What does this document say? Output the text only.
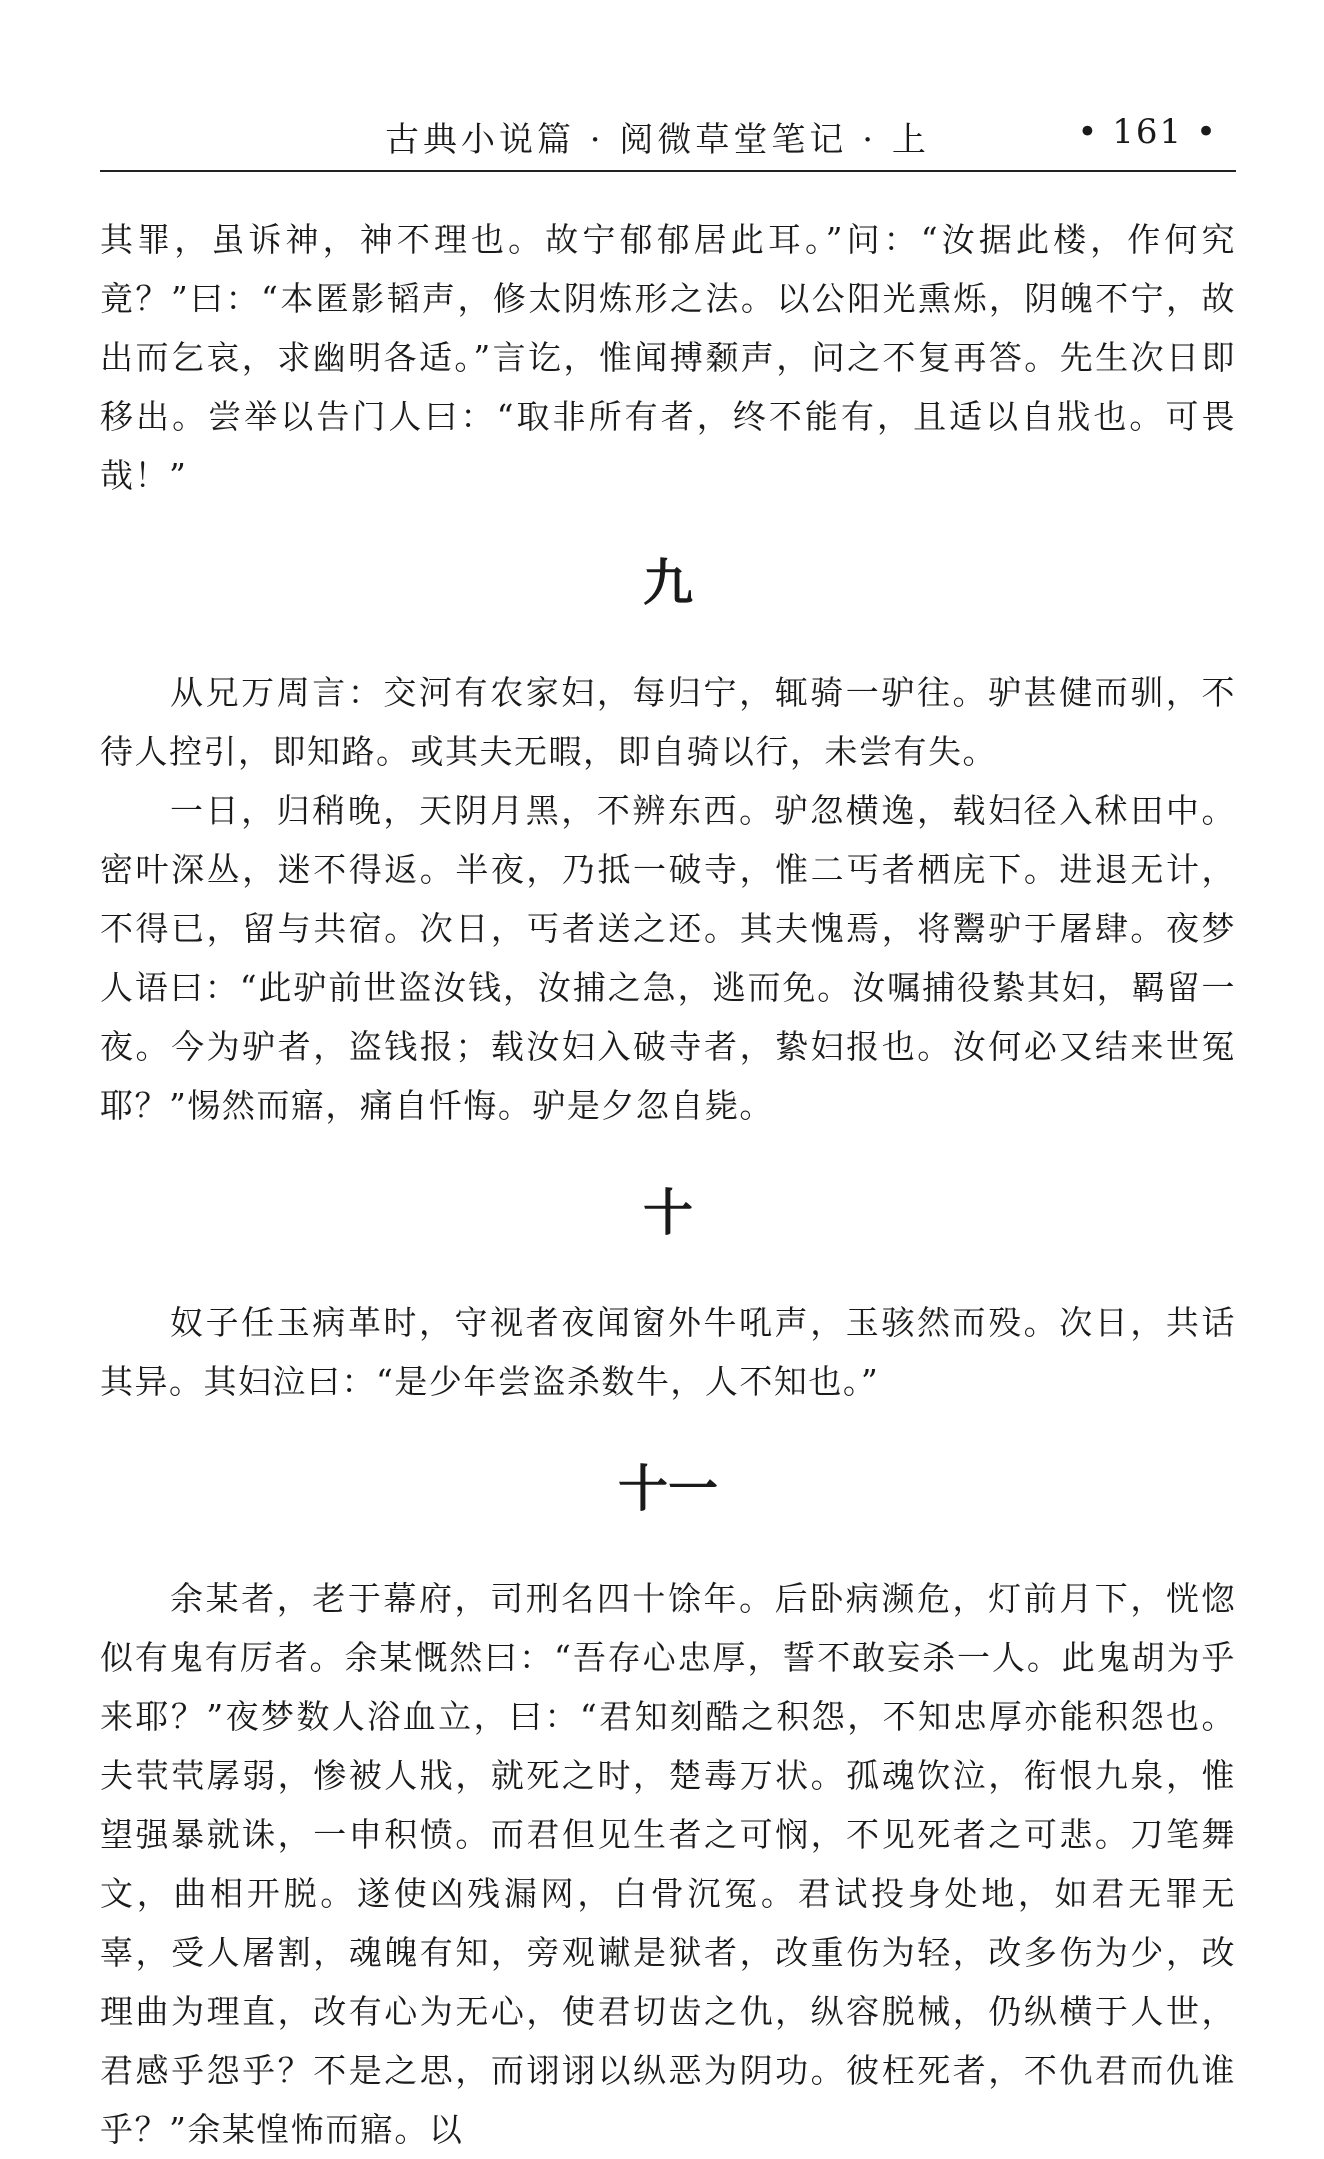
古典小说篇 · 阅微草堂笔记 · 上	• 161 •

其罪，虽诉神，神不理也。故宁郁郁居此耳。”问：“汝据此楼，作何究竟？”曰：“本匿影韬声，修太阴炼形之法。以公阳光熏烁，阴魄不宁，故出而乞哀，求幽明各适。”言讫，惟闻搏颡声，问之不复再答。先生次日即移出。尝举以告门人曰：“取非所有者，终不能有，且适以自戕也。可畏哉！”

九

从兄万周言：交河有农家妇，每归宁，辄骑一驴往。驴甚健而驯，不待人控引，即知路。或其夫无暇，即自骑以行，未尝有失。

一日，归稍晚，天阴月黑，不辨东西。驴忽横逸，载妇径入秫田中。密叶深丛，迷不得返。半夜，乃抵一破寺，惟二丐者栖庑下。进退无计，不得已，留与共宿。次日，丐者送之还。其夫愧焉，将鬻驴于屠肆。夜梦人语曰：“此驴前世盗汝钱，汝捕之急，逃而免。汝嘱捕役絷其妇，羁留一夜。今为驴者，盗钱报；载汝妇入破寺者，絷妇报也。汝何必又结来世冤耶？”惕然而寤，痛自忏悔。驴是夕忽自毙。

十

奴子任玉病革时，守视者夜闻窗外牛吼声，玉骇然而殁。次日，共话其异。其妇泣曰：“是少年尝盗杀数牛，人不知也。”

十一

余某者，老于幕府，司刑名四十馀年。后卧病濒危，灯前月下，恍惚似有鬼有厉者。余某慨然曰：“吾存心忠厚，誓不敢妄杀一人。此鬼胡为乎来耶？”夜梦数人浴血立，曰：“君知刻酷之积怨，不知忠厚亦能积怨也。夫茕茕孱弱，惨被人戕，就死之时，楚毒万状。孤魂饮泣，衔恨九泉，惟望强暴就诛，一申积愤。而君但见生者之可悯，不见死者之可悲。刀笔舞文，曲相开脱。遂使凶残漏网，白骨沉冤。君试投身处地，如君无罪无辜，受人屠割，魂魄有知，旁观谳是狱者，改重伤为轻，改多伤为少，改理曲为理直，改有心为无心，使君切齿之仇，纵容脱械，仍纵横于人世，君感乎怨乎？不是之思，而诩诩以纵恶为阴功。彼枉死者，不仇君而仇谁乎？”余某惶怖而寤。以
